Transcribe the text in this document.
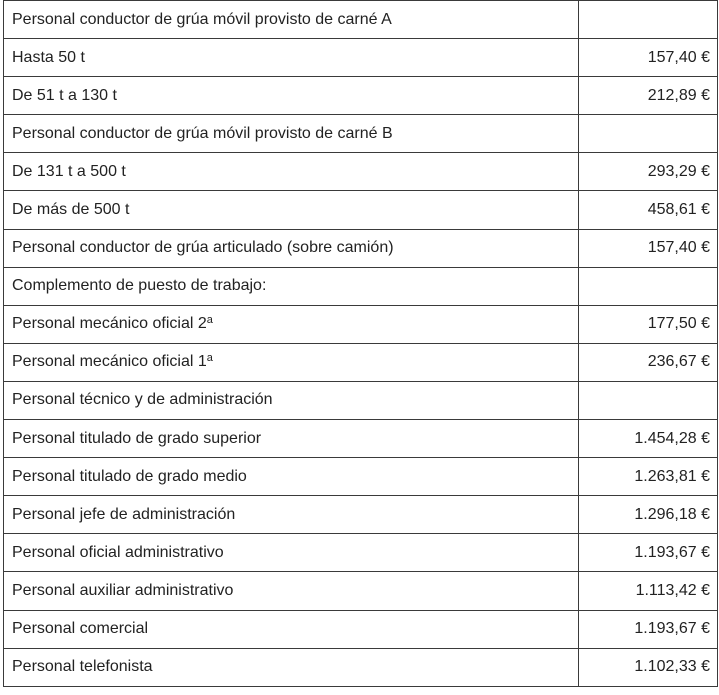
Personal conductor de grúa móvil provisto de carné A	
Hasta 50 t	157,40 €
De 51 t a 130 t	212,89 €
Personal conductor de grúa móvil provisto de carné B	
De 131 t a 500 t	293,29 €
De más de 500 t	458,61 €
Personal conductor de grúa articulado (sobre camión)	157,40 €
Complemento de puesto de trabajo:	
Personal mecánico oficial 2$^a$	177,50 €
Personal mecánico oficial 1$^a$	236,67 €
Personal técnico y de administración	
Personal titulado de grado superior	1.454,28 €
Personal titulado de grado medio	1.263,81 €
Personal jefe de administración	1.296,18 €
Personal oficial administrativo	1.193,67 €
Personal auxiliar administrativo	1.113,42 €
Personal comercial	1.193,67 €
Personal telefonista	1.102,33 €
